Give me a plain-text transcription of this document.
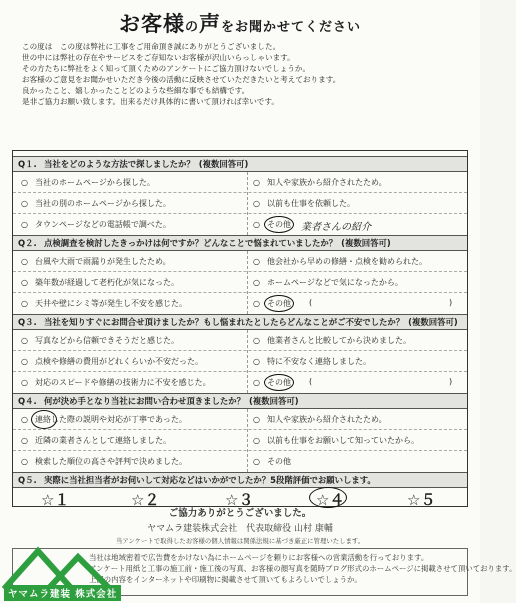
お客様の声をお聞かせてください

この度は　この度は弊社に工事をご用命頂き誠にありがとうございました。

世の中には弊社の存在やサービスをご存知ないお客様が沢山いらっしゃいます。

その方たちに弊社をよく知って頂くためのアンケートにご協力頂けないでしょうか。

お客様のご意見をお聞かせいただき今後の活動に反映させていただきたいと考えております。

良かったこと、嬉しかったことどのような些細な事でも結構です。

是非ご協力お願い致します。出来るだけ具体的に書いて頂ければ幸いです。

Q１. 当社をどのような方法で探しましたか？ (複数回答可)
○ 当社のホームページから探した。	○ 知人や家族から紹介されたため。
○ 当社の別のホームページから探した。	○ 以前も仕事を依頼した。
○ タウンページなどの電話帳で調べた。	○ その他	業者さんの紹介
Q２. 点検調査を検討したきっかけは何ですか？どんなことで悩まれていましたか？ (複数回答可)
○ 台風や大雨で雨漏りが発生したため。	○ 他会社から早めの修繕・点検を勧められた。
○ 築年数が経過して老朽化が気になった。	○ ホームページなどで気になったから。
○ 天井や壁にシミ等が発生し不安を感じた。	○ その他	(	)
Q３. 当社を知りすぐにお問合せ頂けましたか？もし悩まれたとしたらどんなことがご不安でしたか？ (複数回答可)
○ 写真などから信頼できそうだと感じた。	○ 他業者さんと比較してから決めました。
○ 点検や修繕の費用がどれくらいか不安だった。	○ 特に不安なく連絡しました。
○ 対応のスピードや修繕の技術力に不安を感じた。	○ その他	(	)
Q４. 何が決め手となり当社にお問い合わせ頂きましたか？ (複数回答可)
○ 連絡した際の説明や対応が丁寧であった。	○ 知人や家族から紹介されたため。
○ 近隣の業者さんとして連絡しました。	○ 以前も仕事をお願いして知っていたから。
○ 検索した順位の高さや評判で決めました。	○ その他
Q５. 実際に当社担当者がお伺いして対応などはいかがでしたか？5段階評価でお願いします。
☆１	☆２	☆３	☆４	☆５
ご協力ありがとうございました。
ヤマムラ建装株式会社　代表取締役 山村 康輔
当アンケートで取得したお客様の個人情報は関係法規に基づき厳正に管理いたします。

当社は地域密着で広告費をかけない為にホームページを頼りにお客様への営業活動を行っております。

アンケート用紙と工事の施工前・施工後の写真、お客様の顔写真を随時ブログ形式のホームページに掲載させて頂いております。

上記の内容をインターネットや印刷物に掲載させて頂いてもよろしいでしょうか。

ヤマムラ建装 株式会社
